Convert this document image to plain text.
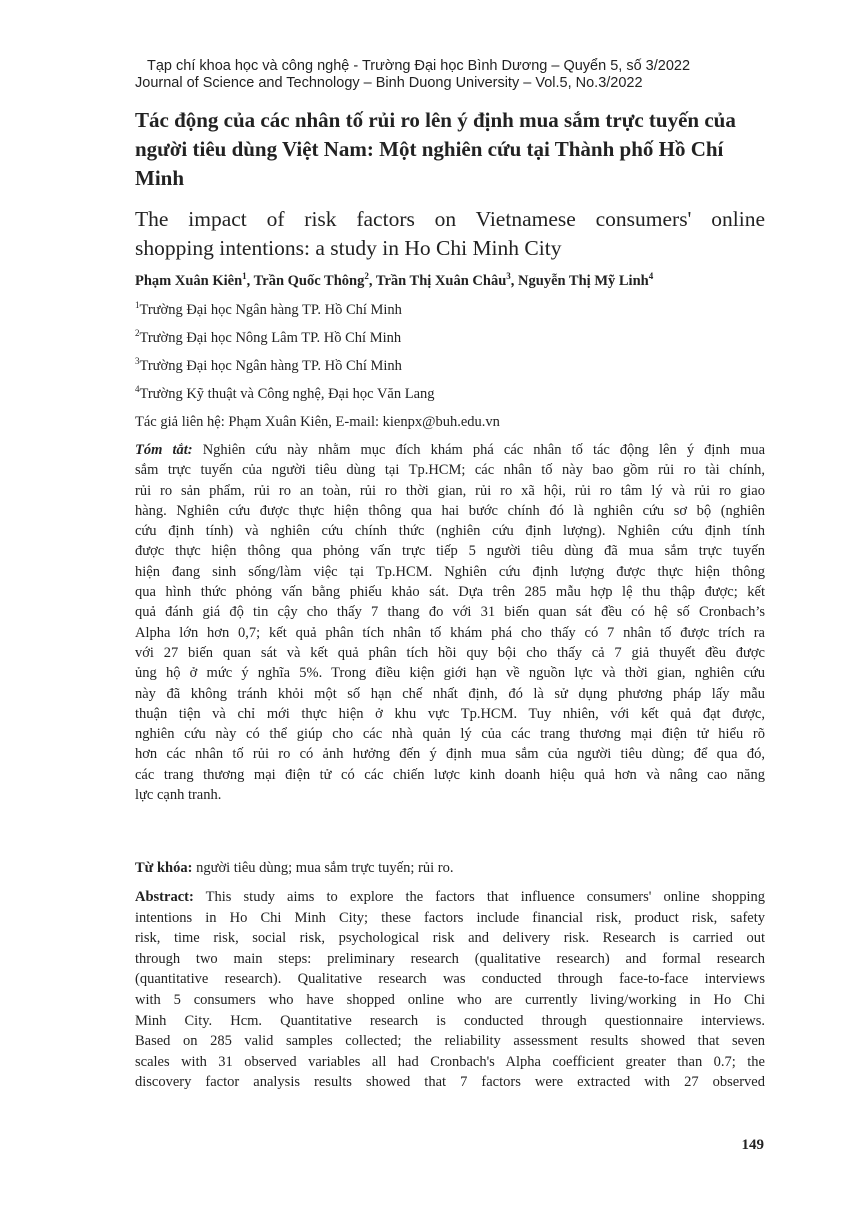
Tạp chí khoa học và công nghệ - Trường Đại học Bình Dương – Quyển 5, số 3/2022
Journal of Science and Technology – Binh Duong University – Vol.5, No.3/2022
Tác động của các nhân tố rủi ro lên ý định mua sắm trực tuyến của người tiêu dùng Việt Nam: Một nghiên cứu tại Thành phố Hồ Chí Minh
The impact of risk factors on Vietnamese consumers' online
shopping intentions: a study in Ho Chi Minh City
Phạm Xuân Kiên$^1$, Trần Quốc Thông$^2$, Trần Thị Xuân Châu$^3$, Nguyễn Thị Mỹ Linh$^4$
$^1$Trường Đại học Ngân hàng TP. Hồ Chí Minh
$^2$Trường Đại học Nông Lâm TP. Hồ Chí Minh
$^3$Trường Đại học Ngân hàng TP. Hồ Chí Minh
$^4$Trường Kỹ thuật và Công nghệ, Đại học Văn Lang
Tác giả liên hệ: Phạm Xuân Kiên, E-mail: kienpx@buh.edu.vn
Tóm tắt: Nghiên cứu này nhằm mục đích khám phá các nhân tố tác động lên ý định mua
sắm trực tuyến của người tiêu dùng tại Tp.HCM; các nhân tố này bao gồm rủi ro tài chính,
rủi ro sản phẩm, rủi ro an toàn, rủi ro thời gian, rủi ro xã hội, rủi ro tâm lý và rủi ro giao
hàng. Nghiên cứu được thực hiện thông qua hai bước chính đó là nghiên cứu sơ bộ (nghiên
cứu định tính) và nghiên cứu chính thức (nghiên cứu định lượng). Nghiên cứu định tính
được thực hiện thông qua phỏng vấn trực tiếp 5 người tiêu dùng đã mua sắm trực tuyến
hiện đang sinh sống/làm việc tại Tp.HCM. Nghiên cứu định lượng được thực hiện thông
qua hình thức phỏng vấn bằng phiếu khảo sát. Dựa trên 285 mẫu hợp lệ thu thập được; kết
quả đánh giá độ tin cậy cho thấy 7 thang đo với 31 biến quan sát đều có hệ số Cronbach’s
Alpha lớn hơn 0,7; kết quả phân tích nhân tố khám phá cho thấy có 7 nhân tố được trích ra
với 27 biến quan sát và kết quả phân tích hồi quy bội cho thấy cả 7 giả thuyết đều được
ủng hộ ở mức ý nghĩa 5%. Trong điều kiện giới hạn về nguồn lực và thời gian, nghiên cứu
này đã không tránh khỏi một số hạn chế nhất định, đó là sử dụng phương pháp lấy mẫu
thuận tiện và chỉ mới thực hiện ở khu vực Tp.HCM. Tuy nhiên, với kết quả đạt được,
nghiên cứu này có thể giúp cho các nhà quản lý của các trang thương mại điện tử hiểu rõ
hơn các nhân tố rủi ro có ảnh hưởng đến ý định mua sắm của người tiêu dùng; để qua đó,
các trang thương mại điện tử có các chiến lược kinh doanh hiệu quả hơn và nâng cao năng
lực cạnh tranh.
Từ khóa: người tiêu dùng; mua sắm trực tuyến; rủi ro.
Abstract: This study aims to explore the factors that influence consumers' online shopping
intentions in Ho Chi Minh City; these factors include financial risk, product risk, safety
risk, time risk, social risk, psychological risk and delivery risk. Research is carried out
through two main steps: preliminary research (qualitative research) and formal research
(quantitative research). Qualitative research was conducted through face-to-face interviews
with 5 consumers who have shopped online who are currently living/working in Ho Chi
Minh City. Hcm. Quantitative research is conducted through questionnaire interviews.
Based on 285 valid samples collected; the reliability assessment results showed that seven
scales with 31 observed variables all had Cronbach's Alpha coefficient greater than 0.7; the
discovery factor analysis results showed that 7 factors were extracted with 27 observed
149
